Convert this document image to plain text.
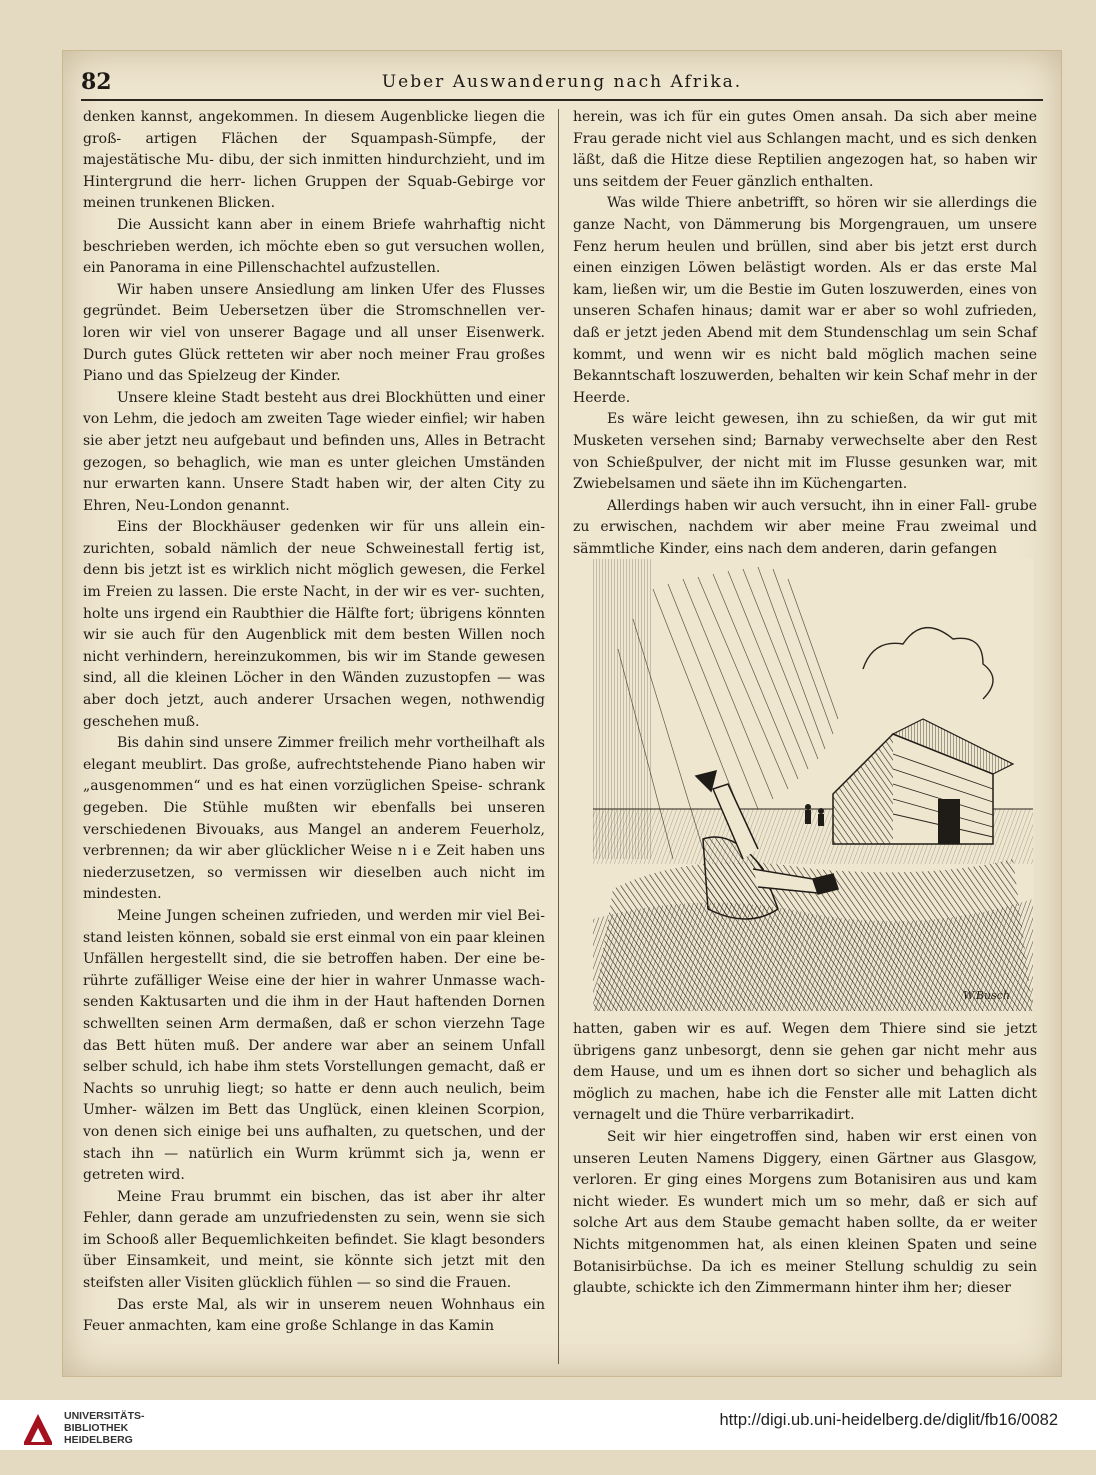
82	Ueber Auswanderung nach Afrika.

denken kannst, angekommen. In diesem Augenblicke liegen die groß- artigen Flächen der Squampash-Sümpfe, der majestätische Mu- dibu, der sich inmitten hindurchzieht, und im Hintergrund die herr- lichen Gruppen der Squab-Gebirge vor meinen trunkenen Blicken.

Die Aussicht kann aber in einem Briefe wahrhaftig nicht beschrieben werden, ich möchte eben so gut versuchen wollen, ein Panorama in eine Pillenschachtel aufzustellen.

Wir haben unsere Ansiedlung am linken Ufer des Flusses gegründet. Beim Uebersetzen über die Stromschnellen ver- loren wir viel von unserer Bagage und all unser Eisenwerk. Durch gutes Glück retteten wir aber noch meiner Frau großes Piano und das Spielzeug der Kinder.

Unsere kleine Stadt besteht aus drei Blockhütten und einer von Lehm, die jedoch am zweiten Tage wieder einfiel; wir haben sie aber jetzt neu aufgebaut und befinden uns, Alles in Betracht gezogen, so behaglich, wie man es unter gleichen Umständen nur erwarten kann. Unsere Stadt haben wir, der alten City zu Ehren, Neu-London genannt.

Eins der Blockhäuser gedenken wir für uns allein ein- zurichten, sobald nämlich der neue Schweinestall fertig ist, denn bis jetzt ist es wirklich nicht möglich gewesen, die Ferkel im Freien zu lassen. Die erste Nacht, in der wir es ver- suchten, holte uns irgend ein Raubthier die Hälfte fort; übrigens könnten wir sie auch für den Augenblick mit dem besten Willen noch nicht verhindern, hereinzukommen, bis wir im Stande gewesen sind, all die kleinen Löcher in den Wänden zuzustopfen — was aber doch jetzt, auch anderer Ursachen wegen, nothwendig geschehen muß.

Bis dahin sind unsere Zimmer freilich mehr vortheilhaft als elegant meublirt. Das große, aufrechtstehende Piano haben wir „ausgenommen“ und es hat einen vorzüglichen Speise- schrank gegeben. Die Stühle mußten wir ebenfalls bei unseren verschiedenen Bivouaks, aus Mangel an anderem Feuerholz, verbrennen; da wir aber glücklicher Weise n i e Zeit haben uns niederzusetzen, so vermissen wir dieselben auch nicht im mindesten.

Meine Jungen scheinen zufrieden, und werden mir viel Bei- stand leisten können, sobald sie erst einmal von ein paar kleinen Unfällen hergestellt sind, die sie betroffen haben. Der eine be- rührte zufälliger Weise eine der hier in wahrer Unmasse wach- senden Kaktusarten und die ihm in der Haut haftenden Dornen schwellten seinen Arm dermaßen, daß er schon vierzehn Tage das Bett hüten muß. Der andere war aber an seinem Unfall selber schuld, ich habe ihm stets Vorstellungen gemacht, daß er Nachts so unruhig liegt; so hatte er denn auch neulich, beim Umher- wälzen im Bett das Unglück, einen kleinen Scorpion, von denen sich einige bei uns aufhalten, zu quetschen, und der stach ihn — natürlich ein Wurm krümmt sich ja, wenn er getreten wird.

Meine Frau brummt ein bischen, das ist aber ihr alter Fehler, dann gerade am unzufriedensten zu sein, wenn sie sich im Schooß aller Bequemlichkeiten befindet. Sie klagt besonders über Einsamkeit, und meint, sie könnte sich jetzt mit den steifsten aller Visiten glücklich fühlen — so sind die Frauen.

Das erste Mal, als wir in unserem neuen Wohnhaus ein Feuer anmachten, kam eine große Schlange in das Kamin

herein, was ich für ein gutes Omen ansah. Da sich aber meine Frau gerade nicht viel aus Schlangen macht, und es sich denken läßt, daß die Hitze diese Reptilien angezogen hat, so haben wir uns seitdem der Feuer gänzlich enthalten.

Was wilde Thiere anbetrifft, so hören wir sie allerdings die ganze Nacht, von Dämmerung bis Morgengrauen, um unsere Fenz herum heulen und brüllen, sind aber bis jetzt erst durch einen einzigen Löwen belästigt worden. Als er das erste Mal kam, ließen wir, um die Bestie im Guten loszuwerden, eines von unseren Schafen hinaus; damit war er aber so wohl zufrieden, daß er jetzt jeden Abend mit dem Stundenschlag um sein Schaf kommt, und wenn wir es nicht bald möglich machen seine Bekanntschaft loszuwerden, behalten wir kein Schaf mehr in der Heerde.

Es wäre leicht gewesen, ihn zu schießen, da wir gut mit Musketen versehen sind; Barnaby verwechselte aber den Rest von Schießpulver, der nicht mit im Flusse gesunken war, mit Zwiebelsamen und säete ihn im Küchengarten.

Allerdings haben wir auch versucht, ihn in einer Fall- grube zu erwischen, nachdem wir aber meine Frau zweimal und sämmtliche Kinder, eins nach dem anderen, darin gefangen

W.Busch

hatten, gaben wir es auf. Wegen dem Thiere sind sie jetzt übrigens ganz unbesorgt, denn sie gehen gar nicht mehr aus dem Hause, und um es ihnen dort so sicher und behaglich als möglich zu machen, habe ich die Fenster alle mit Latten dicht vernagelt und die Thüre verbarrikadirt.

Seit wir hier eingetroffen sind, haben wir erst einen von unseren Leuten Namens Diggery, einen Gärtner aus Glasgow, verloren. Er ging eines Morgens zum Botanisiren aus und kam nicht wieder. Es wundert mich um so mehr, daß er sich auf solche Art aus dem Staube gemacht haben sollte, da er weiter Nichts mitgenommen hat, als einen kleinen Spaten und seine Botanisirbüchse. Da ich es meiner Stellung schuldig zu sein glaubte, schickte ich den Zimmermann hinter ihm her; dieser

UNIVERSITÄTS-
BIBLIOTHEK
HEIDELBERG
http://digi.ub.uni-heidelberg.de/diglit/fb16/0082
